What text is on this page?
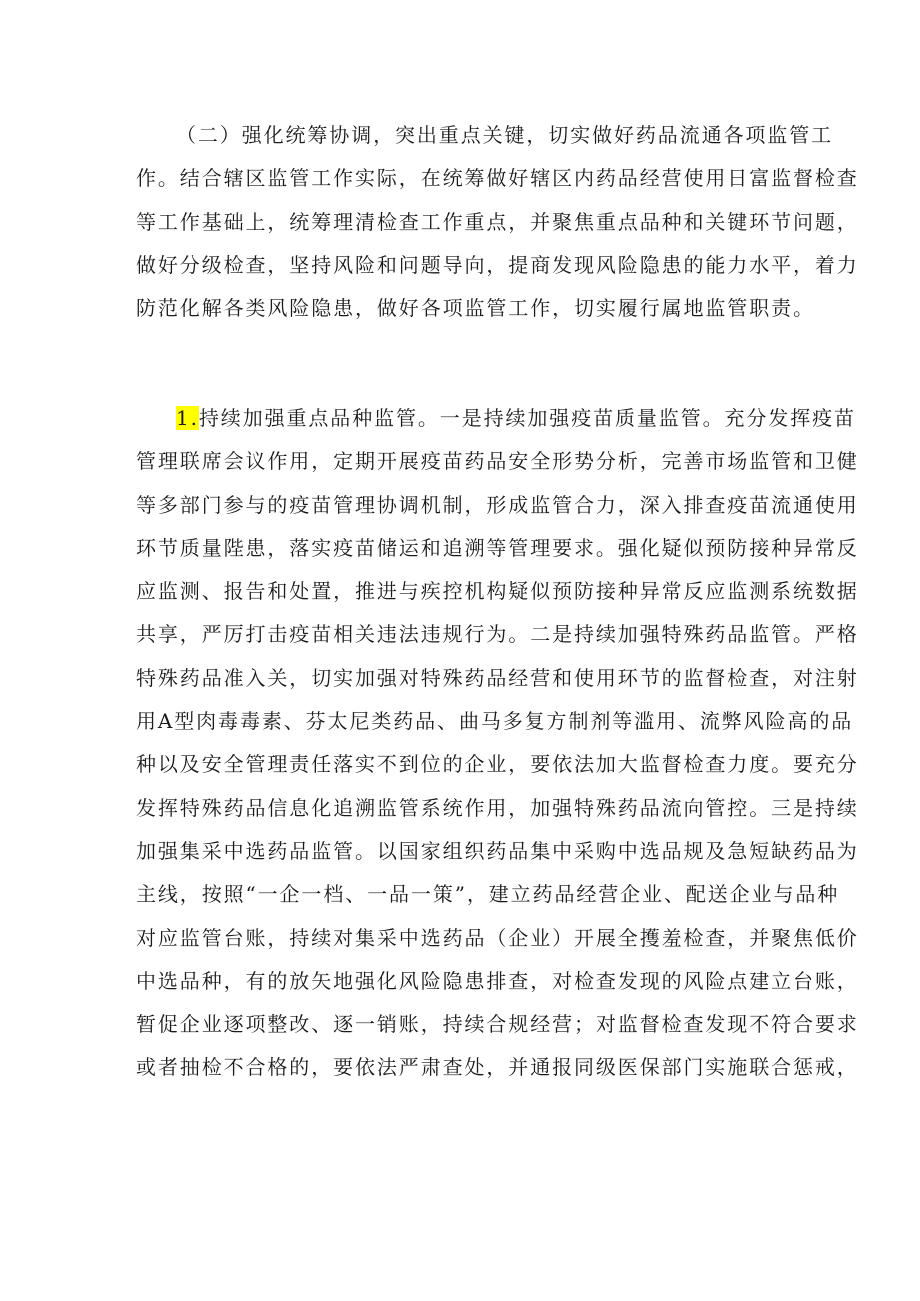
（二）强化统筹协调，突出重点关键，切实做好药品流通各项监管工
作。结合辖区监管工作实际，在统筹做好辖区内药品经营使用日富监督检查
等工作基础上，统筹理清检查工作重点，并聚焦重点品种和关键环节问题，
做好分级检查，坚持风险和问题导向，提商发现风险隐患的能力水平，着力
防范化解各类风险隐患，做好各项监管工作，切实履行属地监管职责。
1.持续加强重点品种监管。一是持续加强疫苗质量监管。充分发挥疫苗
管理联席会议作用，定期开展疫苗药品安全形势分析，完善市场监管和卫健
等多部门参与的疫苗管理协调机制，形成监管合力，深入排查疫苗流通使用
环节质量陛患，落实疫苗储运和追溯等管理要求。强化疑似预防接种异常反
应监测、报告和处置，推进与疾控机构疑似预防接种异常反应监测系统数据
共享，严厉打击疫苗相关违法违规行为。二是持续加强特殊药品监管。严格
特殊药品准入关，切实加强对特殊药品经营和使用环节的监督检查，对注射
用A型肉毒毒素、芬太尼类药品、曲马多复方制剂等滥用、流弊风险高的品
种以及安全管理责任落实不到位的企业，要依法加大监督检查力度。要充分
发挥特殊药品信息化追溯监管系统作用，加强特殊药品流向管控。三是持续
加强集采中选药品监管。以国家组织药品集中采购中选品规及急短缺药品为
主线，按照“一企一档、一品一策”，建立药品经营企业、配送企业与品种
对应监管台账，持续对集采中选药品（企业）开展全擭羞检查，并聚焦低价
中选品种，有的放矢地强化风险隐患排查，对检查发现的风险点建立台账，
暂促企业逐项整改、逐一销账，持续合规经营；对监督检查发现不符合要求
或者抽检不合格的，要依法严肃查处，并通报同级医保部门实施联合惩戒，
